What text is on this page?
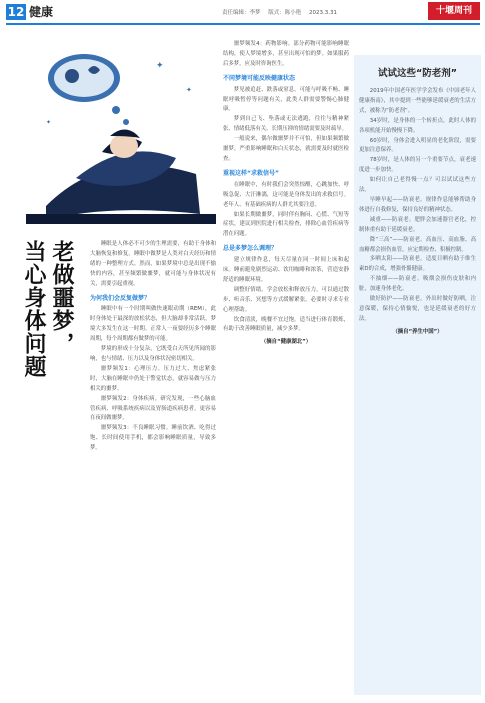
12 健康	责任编辑：李梦 版式：陈小艳 2023.3.31	十堰周刊
✦
✦
✦
老做噩梦，
当心身体问题	睡眠是人体必不可少的生理需要，有助于身体和大脑恢复和修复。睡眠中做梦是人类对白天经历和情绪的一种整理方式。然而，如果梦境中总是出现不愉快的内容，甚至频繁做噩梦，就可能与身体状况有关，需要引起重视。

为何我们会反复做梦？

睡眠中有一个时期叫做快速眼动期（REM），此时身体处于最深的放松状态，但大脑却非常活跃，梦境大多发生在这一时期。正常人一夜要经历多个睡眠周期，每个周期都有做梦的可能。

梦境的形成十分复杂，它既受白天所见所闻的影响，也与情绪、压力以及身体状况密切相关。

噩梦频发1：心理压力。压力过大、焦虑紧张时，大脑在睡眠中仍处于警觉状态，就容易做与压力相关的噩梦。

噩梦频发2：身体疾病。研究发现，一些心脑血管疾病、呼吸系统疾病以及胃肠道疾病患者，更容易在夜间做噩梦。

噩梦频发3：不良睡眠习惯。睡前饮酒、吃得过饱、长时间使用手机，都会影响睡眠质量，导致多梦。

噩梦频发4：药物影响。部分药物可能影响睡眠结构，使人梦境增多，甚至出现可怕的梦。如果服药后多梦，应及时咨询医生。

不同梦境可能反映健康状态

梦见被追赶、跌落或窒息，可能与呼吸不畅、睡眠呼吸暂停等问题有关，此类人群需要警惕心肺健康。

梦到自己飞、坠落或无法逃跑，往往与精神紧张、情绪低落有关。长期压抑的情绪需要及时疏导。

一般说来，偶尔做噩梦并不可怕，但如果频繁做噩梦，严重影响睡眠和白天状态，就需要及时就医检查。

重视这样“求救信号”

在睡眠中，有时我们会突然惊醒，心跳加快、呼吸急促、大汗淋漓，这可能是身体发出的求救信号。老年人、有基础疾病的人群尤其要注意。

如果长期做噩梦，同时伴有胸闷、心慌、气短等症状，建议到医院进行相关检查，排除心血管疾病等潜在问题。

总是多梦怎么调理？

建立规律作息，每天尽量在同一时间上床和起床。睡前避免剧烈运动、饮用咖啡和浓茶，营造安静舒适的睡眠环境。

调整好情绪，学会放松和释放压力，可以通过散步、听音乐、冥想等方式缓解紧张。必要时寻求专业心理帮助。

饮食清淡，晚餐不宜过饱。适当进行体育锻炼，有助于改善睡眠质量，减少多梦。

（摘自“健康湖北”）

试试这些“防老剂”

2019年中国老年医学学会发布《中国老年人健康指南》，其中提到一些能够延缓衰老的生活方式，被称为“防老剂”。

34岁时，是身体的一个转折点，此时人体的各项机能开始慢慢下降。

60岁时，身体会进入明显的老化阶段，需要更加注意保养。

78岁时，是人体的另一个重要节点，衰老速度进一步加快。

如何让自己老得慢一点？可以试试这些方法。

早睡早起——防衰老。规律作息能够帮助身体进行自我修复，保持良好的精神状态。

减重——防衰老。肥胖会加速器官老化，控制体重有助于延缓衰老。

降“三高”——防衰老。高血压、高血脂、高血糖都会损伤血管，应定期检查、积极控制。

多晒太阳——防衰老。适度日晒有助于维生素D的合成，增强骨骼健康。

不抽烟——防衰老。吸烟会损伤皮肤和内脏，加速身体老化。

做好防护——防衰老。外出时做好防晒，注意保暖，保持心情愉悦，也是延缓衰老的好方法。

（摘自“养生中国”）
